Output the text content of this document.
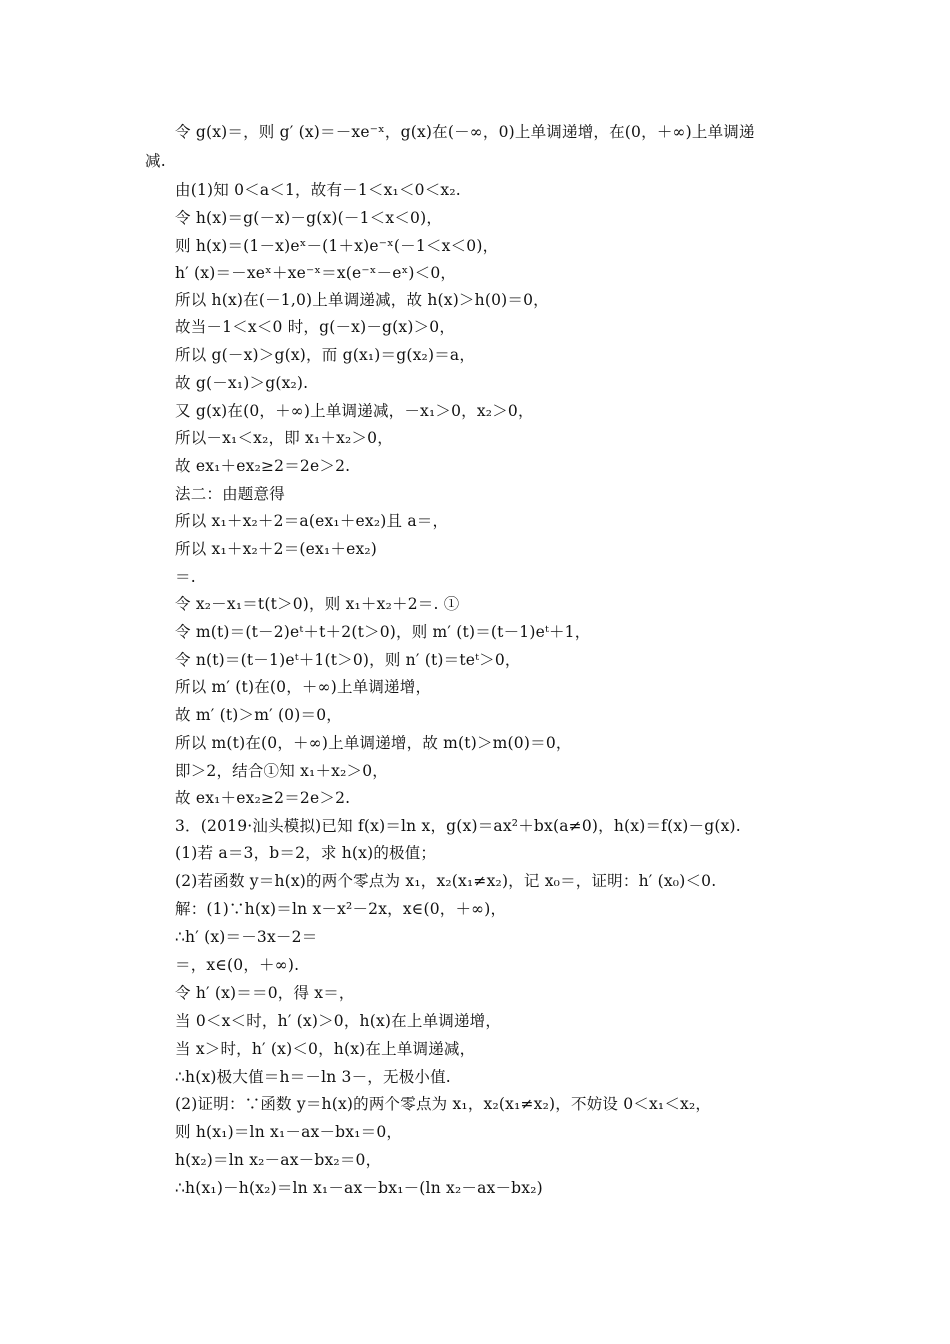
令 g(x)＝，则 g′ (x)＝－xe⁻ˣ，g(x)在(－∞，0)上单调递增，在(0，＋∞)上单调递
减.
由(1)知 0＜a＜1，故有－1＜x₁＜0＜x₂.
令 h(x)＝g(－x)－g(x)(－1＜x＜0)，
则 h(x)＝(1－x)eˣ－(1＋x)e⁻ˣ(－1＜x＜0)，
h′ (x)＝－xeˣ＋xe⁻ˣ＝x(e⁻ˣ－eˣ)＜0，
所以 h(x)在(－1,0)上单调递减，故 h(x)＞h(0)＝0，
故当－1＜x＜0 时，g(－x)－g(x)＞0，
所以 g(－x)＞g(x)，而 g(x₁)＝g(x₂)＝a，
故 g(－x₁)＞g(x₂).
又 g(x)在(0，＋∞)上单调递减，－x₁＞0，x₂＞0，
所以－x₁＜x₂，即 x₁＋x₂＞0，
故 ex₁＋ex₂≥2＝2e＞2.
法二：由题意得
所以 x₁＋x₂＋2＝a(ex₁＋ex₂)且 a＝，
所以 x₁＋x₂＋2＝(ex₁＋ex₂)
＝.
令 x₂－x₁＝t(t＞0)，则 x₁＋x₂＋2＝. ①
令 m(t)＝(t－2)eᵗ＋t＋2(t＞0)，则 m′ (t)＝(t－1)eᵗ＋1，
令 n(t)＝(t－1)eᵗ＋1(t＞0)，则 n′ (t)＝teᵗ＞0，
所以 m′ (t)在(0，＋∞)上单调递增，
故 m′ (t)＞m′ (0)＝0，
所以 m(t)在(0，＋∞)上单调递增，故 m(t)＞m(0)＝0，
即＞2，结合①知 x₁＋x₂＞0，
故 ex₁＋ex₂≥2＝2e＞2.
3．(2019·汕头模拟)已知 f(x)＝ln x，g(x)＝ax²＋bx(a≠0)，h(x)＝f(x)－g(x).
(1)若 a＝3，b＝2，求 h(x)的极值；
(2)若函数 y＝h(x)的两个零点为 x₁，x₂(x₁≠x₂)，记 x₀＝，证明：h′ (x₀)＜0.
解：(1)∵h(x)＝ln x－x²－2x，x∈(0，＋∞)，
∴h′ (x)＝－3x－2＝
＝，x∈(0，＋∞).
令 h′ (x)＝＝0，得 x＝，
当 0＜x＜时，h′ (x)＞0，h(x)在上单调递增，
当 x＞时，h′ (x)＜0，h(x)在上单调递减，
∴h(x)极大值＝h＝－ln 3－，无极小值.
(2)证明：∵函数 y＝h(x)的两个零点为 x₁，x₂(x₁≠x₂)，不妨设 0＜x₁＜x₂，
则 h(x₁)＝ln x₁－ax－bx₁＝0，
h(x₂)＝ln x₂－ax－bx₂＝0，
∴h(x₁)－h(x₂)＝ln x₁－ax－bx₁－(ln x₂－ax－bx₂)
